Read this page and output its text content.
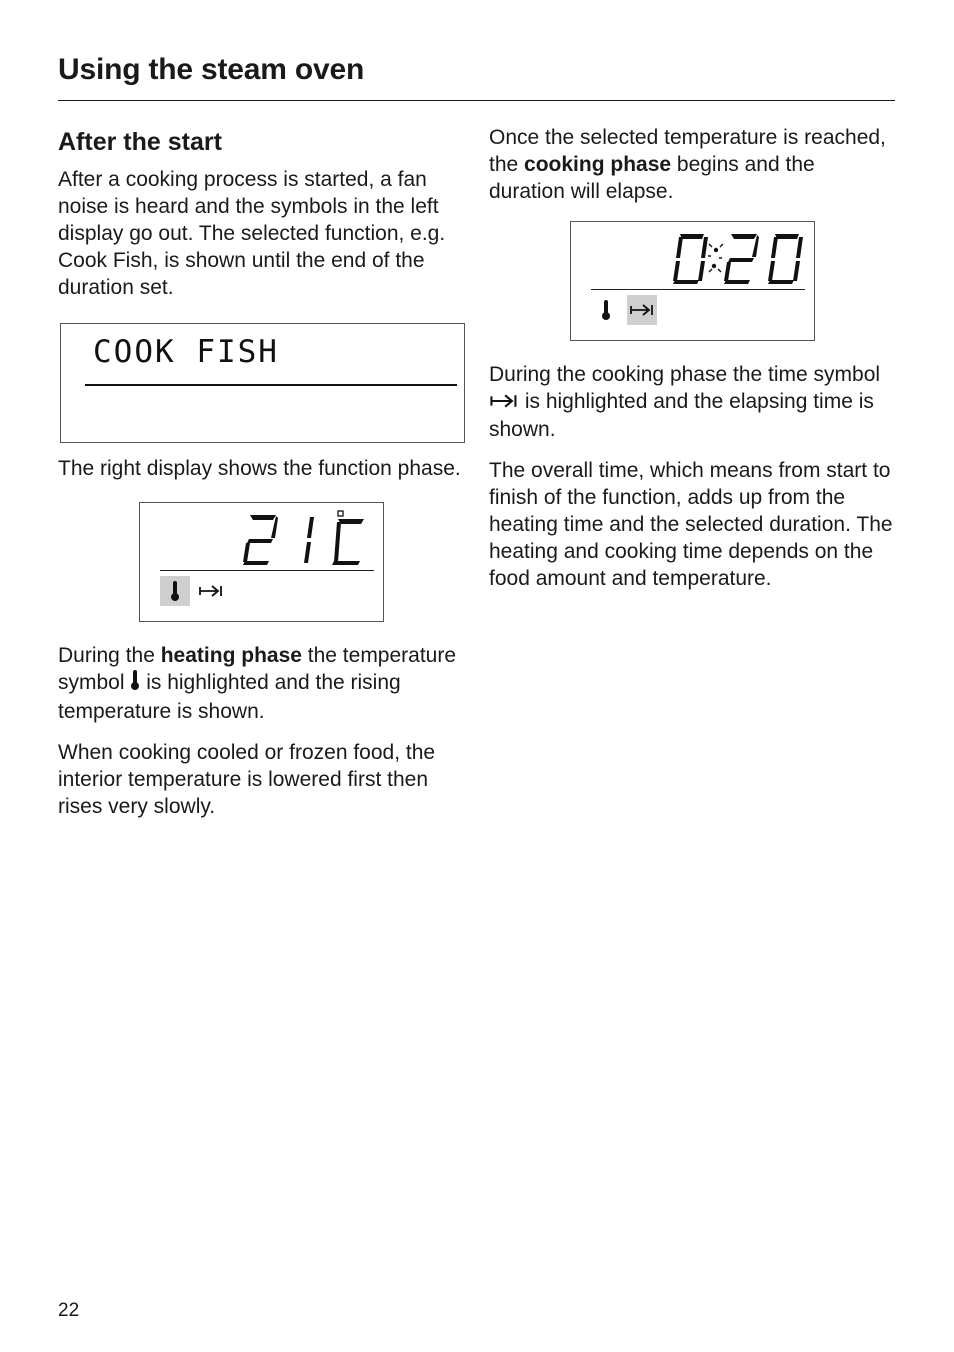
Using the steam oven
After the start

After a cooking process is started, a fan noise is heard and the symbols in the left display go out. The selected function, e.g. Cook Fish, is shown until the end of the duration set.

COOK FISH

The right display shows the function phase.

21°C

During the heating phase the temperature symbol  is highlighted and the rising temperature is shown.

When cooking cooled or frozen food, the interior temperature is lowered first then rises very slowly.

Once the selected temperature is reached, the cooking phase begins and the duration will elapse.

During the cooking phase the time symbol  is highlighted and the elapsing time is shown.

The overall time, which means from start to finish of the function, adds up from the heating time and the selected duration. The heating and cooking time depends on the food amount and temperature.

22
